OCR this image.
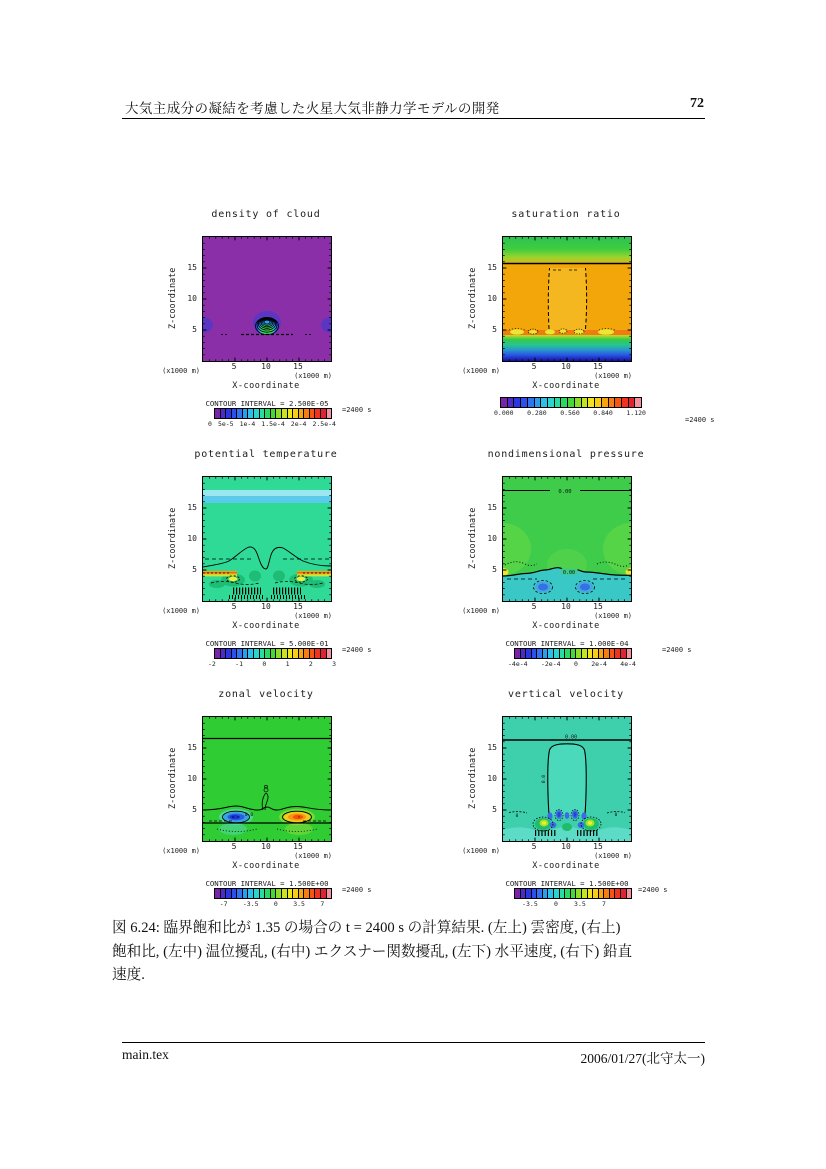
大気主成分の凝結を考慮した火星大気非静力学モデルの開発	72
density of cloud
Z-coordinate	15
10
5
5	10	15
(x1000 m)
(x1000 m)
X-coordinate
CONTOUR INTERVAL = 2.500E-05
0 5e-5 1e-4 1.5e-4 2e-4 2.5e-4
=2400 s
saturation ratio
Z-coordinate	15
10
5
5	10	15
(x1000 m)
(x1000 m)
X-coordinate
0.000 0.280 0.560 0.840 1.120
=2400 s
potential temperature
Z-coordinate	15
10
5
5	10	15
(x1000 m)
(x1000 m)
X-coordinate
CONTOUR INTERVAL = 5.000E-01
-2	-1	0	1	2	3
=2400 s
nondimensional pressure
Z-coordinate	15
10
5
0.00
0.00
5	10	15
(x1000 m)
(x1000 m)
X-coordinate
CONTOUR INTERVAL = 1.000E-04
-4e-4 -2e-4 0 2e-4 4e-4
=2400 s
zonal velocity
Z-coordinate	15
10
5
0.0
5	10	15
(x1000 m)
(x1000 m)
X-coordinate
CONTOUR INTERVAL = 1.500E+00
-7 -3.5 0 3.5 7
=2400 s
vertical velocity
Z-coordinate	15
10
5
0.00
0.0
0	0
5	10	15
(x1000 m)
(x1000 m)
X-coordinate
CONTOUR INTERVAL = 1.500E+00
-3.5 0 3.5 7
=2400 s
図 6.24: 臨界飽和比が 1.35 の場合の t = 2400 s の計算結果. (左上) 雲密度, (右上)
飽和比, (左中) 温位擾乱, (右中) エクスナー関数擾乱, (左下) 水平速度, (右下) 鉛直
速度.
main.tex	2006/01/27(北守太一)
